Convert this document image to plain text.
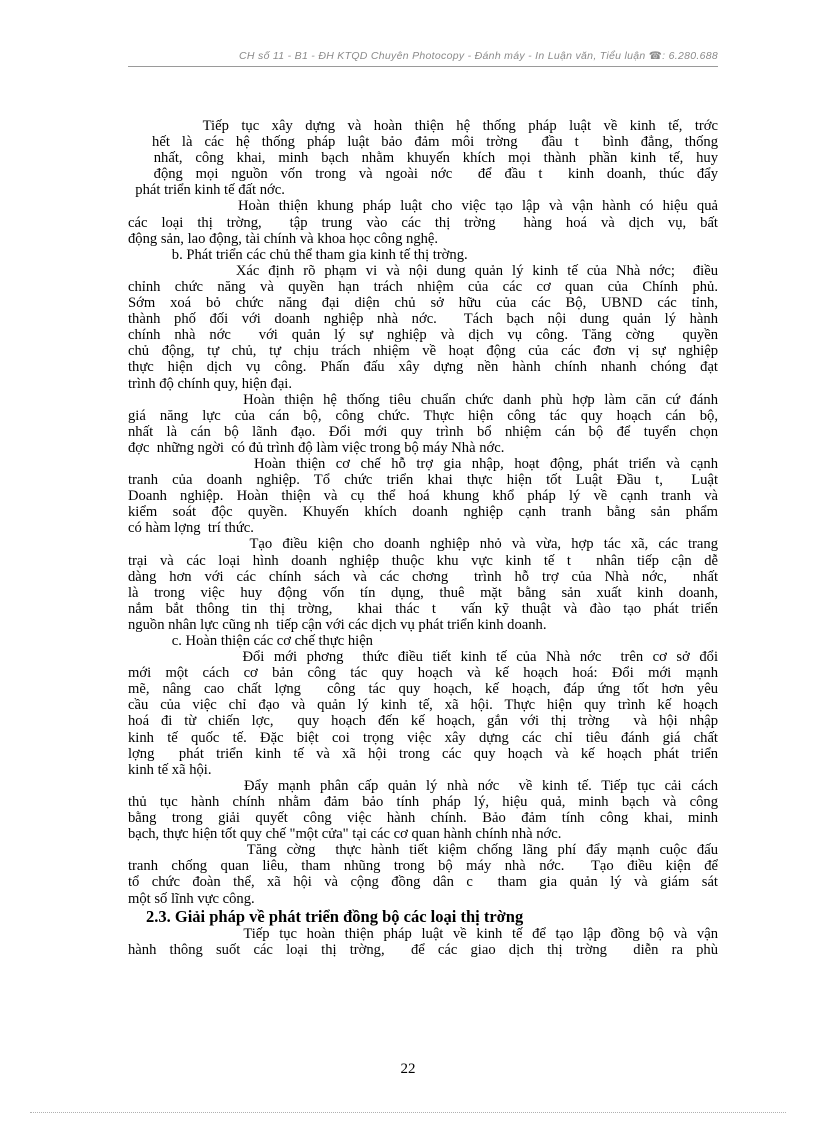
CH số 11 - B1 - ĐH KTQD Chuyên Photocopy - Đánh máy - In Luận văn, Tiểu luận ☎: 6.280.688
Tiếp tục xây dựng và hoàn thiện hệ thống pháp luật về kinh tế, trớc
hết là các hệ thống pháp luật bảo đảm môi trờng  đầu t  bình đẳng, thống
nhất, công khai, minh bạch nhằm khuyến khích mọi thành phần kinh tế, huy
động mọi nguồn vốn trong và ngoài nớc  để đầu t  kinh doanh, thúc đẩy
phát triển kinh tế đất nớc.
Hoàn thiện khung pháp luật cho việc tạo lập và vận hành có hiệu quả
các loại thị trờng,  tập trung vào các thị trờng  hàng hoá và dịch vụ, bất
động sản, lao động, tài chính và khoa học công nghệ.
b. Phát triển các chủ thể tham gia kinh tế thị trờng.
Xác định rõ phạm vi và nội dung quản lý kinh tế của Nhà nớc;  điều
chỉnh chức năng và quyền hạn trách nhiệm của các cơ quan của Chính phủ.
Sớm xoá bỏ chức năng đại diện chủ sở hữu của các Bộ, UBND các tỉnh,
thành phố đối với doanh nghiệp nhà nớc.  Tách bạch nội dung quản lý hành
chính nhà nớc  với quản lý sự nghiệp và dịch vụ công. Tăng cờng  quyền
chủ động, tự chủ, tự chịu trách nhiệm về hoạt động của các đơn vị sự nghiệp
thực hiện dịch vụ công. Phấn đấu xây dựng nền hành chính nhanh chóng đạt
trình độ chính quy, hiện đại.
Hoàn thiện hệ thống tiêu chuẩn chức danh phù hợp làm căn cứ đánh
giá năng lực của cán bộ, công chức. Thực hiện công tác quy hoạch cán bộ,
nhất là cán bộ lãnh đạo. Đổi mới quy trình bổ nhiệm cán bộ để tuyển chọn
đợc  những ngời  có đủ trình độ làm việc trong bộ máy Nhà nớc.
Hoàn thiện cơ chế hỗ trợ gia nhập, hoạt động, phát triển và cạnh
tranh của doanh nghiệp. Tổ chức triển khai thực hiện tốt Luật Đầu t,  Luật
Doanh nghiệp. Hoàn thiện và cụ thể hoá khung khổ pháp lý về cạnh tranh và
kiểm soát độc quyền. Khuyến khích doanh nghiệp cạnh tranh bằng sản phẩm
có hàm lợng  trí thức.
Tạo điều kiện cho doanh nghiệp nhỏ và vừa, hợp tác xã, các trang
trại và các loại hình doanh nghiệp thuộc khu vực kinh tế t  nhân tiếp cận dễ
dàng hơn với các chính sách và các chơng  trình hỗ trợ của Nhà nớc,  nhất
là trong việc huy động vốn tín dụng, thuê mặt bằng sản xuất kinh doanh,
nắm bắt thông tin thị trờng,  khai thác t  vấn kỹ thuật và đào tạo phát triển
nguồn nhân lực cũng nh  tiếp cận với các dịch vụ phát triển kinh doanh.
c. Hoàn thiện các cơ chế thực hiện
Đổi mới phơng  thức điều tiết kinh tế của Nhà nớc  trên cơ sở đổi
mới một cách cơ bản công tác quy hoạch và kế hoạch hoá: Đổi mới mạnh
mẽ, nâng cao chất lợng  công tác quy hoạch, kế hoạch, đáp ứng tốt hơn yêu
cầu của việc chỉ đạo và quản lý kinh tế, xã hội. Thực hiện quy trình kế hoạch
hoá đi từ chiến lợc,  quy hoạch đến kế hoạch, gắn với thị trờng  và hội nhập
kinh tế quốc tế. Đặc biệt coi trọng việc xây dựng các chỉ tiêu đánh giá chất
lợng  phát triển kinh tế và xã hội trong các quy hoạch và kế hoạch phát triển
kinh tế xã hội.
Đẩy mạnh phân cấp quản lý nhà nớc  về kinh tế. Tiếp tục cải cách
thủ tục hành chính nhằm đảm bảo tính pháp lý, hiệu quả, minh bạch và công
bằng trong giải quyết công việc hành chính. Bảo đảm tính công khai, minh
bạch, thực hiện tốt quy chế "một cửa" tại các cơ quan hành chính nhà nớc.
Tăng cờng  thực hành tiết kiệm chống lãng phí đẩy mạnh cuộc đấu
tranh chống quan liêu, tham nhũng trong bộ máy nhà nớc.  Tạo điều kiện để
tổ chức đoàn thể, xã hội và cộng đồng dân c  tham gia quản lý và giám sát
một số lĩnh vực công.
2.3. Giải pháp về phát triển đồng bộ các loại thị trờng
Tiếp tục hoàn thiện pháp luật về kinh tế để tạo lập đồng bộ và vận
hành thông suốt các loại thị trờng,  để các giao dịch thị trờng  diễn ra phù
22
